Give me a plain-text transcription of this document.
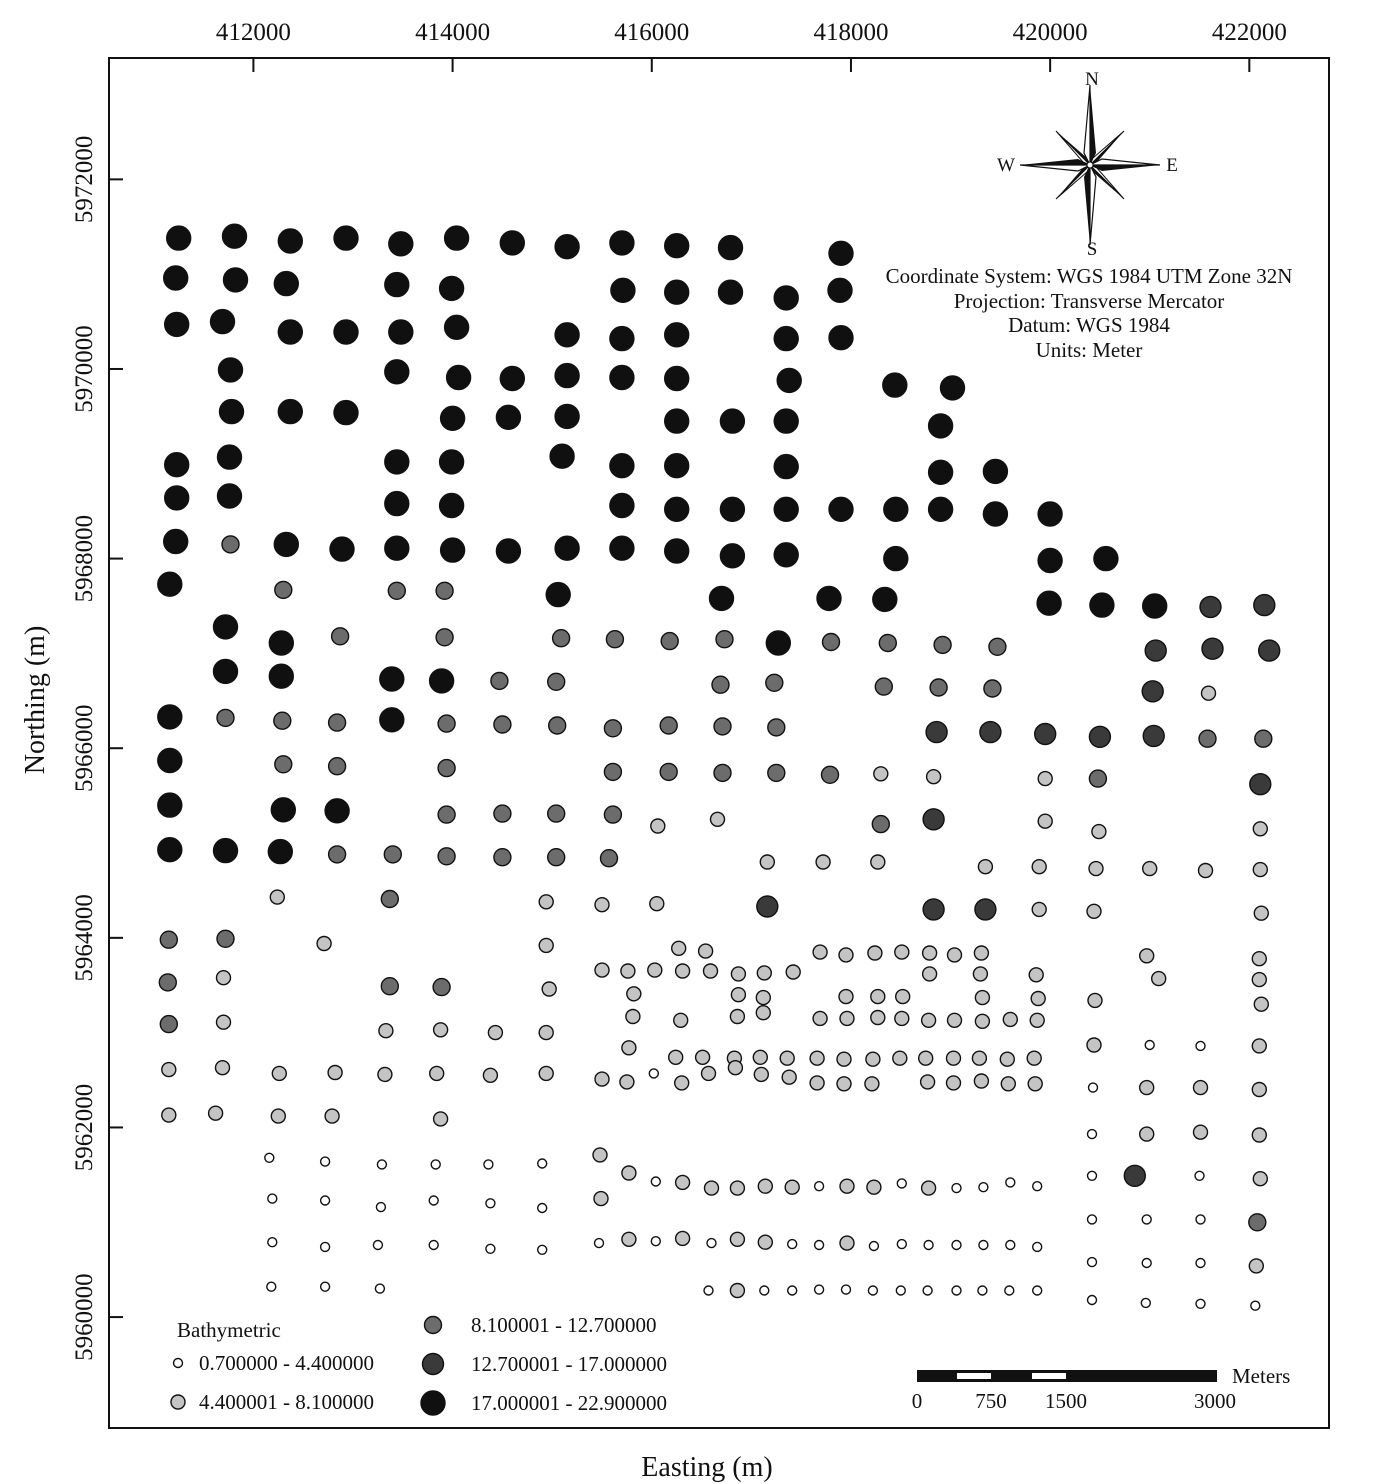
Northing (m)
Easting (m)
412000	414000	416000	418000	420000	422000
5960000
5962000
5964000
5966000
5968000
5970000
5972000
N
S
E
W
Coordinate System: WGS 1984 UTM Zone 32N
Projection: Transverse Mercator
Datum: WGS 1984
Units: Meter
Bathymetric
0.700000 - 4.400000
4.400001 - 8.100000
8.100001 - 12.700000
12.700001 - 17.000000
17.000001 - 22.900000
Meters
0	750 1500	3000
